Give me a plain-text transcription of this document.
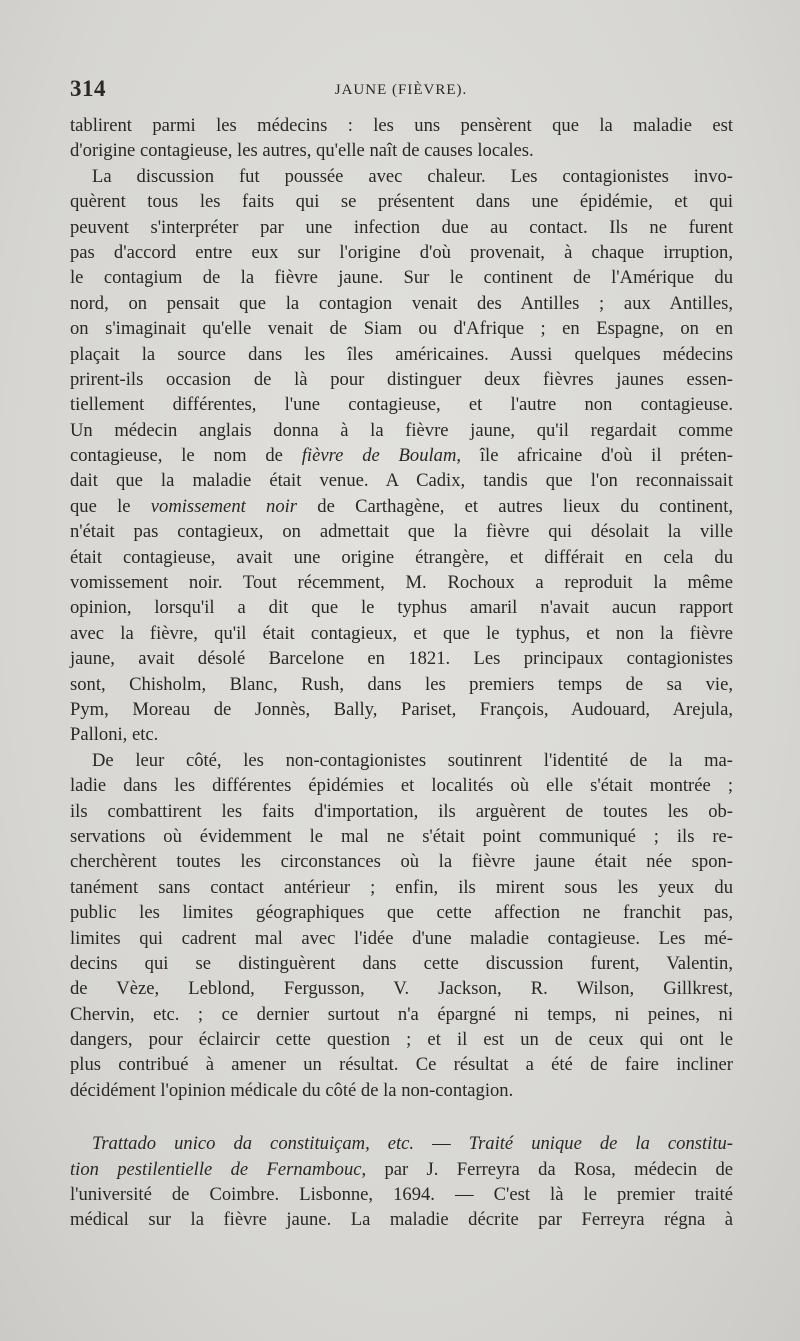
314	JAUNE (FIÈVRE).
tablirent parmi les médecins : les uns pensèrent que la maladie est
d'origine contagieuse, les autres, qu'elle naît de causes locales.
La discussion fut poussée avec chaleur. Les contagionistes invo-
quèrent tous les faits qui se présentent dans une épidémie, et qui
peuvent s'interpréter par une infection due au contact. Ils ne furent
pas d'accord entre eux sur l'origine d'où provenait, à chaque irruption,
le contagium de la fièvre jaune. Sur le continent de l'Amérique du
nord, on pensait que la contagion venait des Antilles ; aux Antilles,
on s'imaginait qu'elle venait de Siam ou d'Afrique ; en Espagne, on en
plaçait la source dans les îles américaines. Aussi quelques médecins
prirent-ils occasion de là pour distinguer deux fièvres jaunes essen-
tiellement différentes, l'une contagieuse, et l'autre non contagieuse.
Un médecin anglais donna à la fièvre jaune, qu'il regardait comme
contagieuse, le nom de fièvre de Boulam, île africaine d'où il préten-
dait que la maladie était venue. A Cadix, tandis que l'on reconnaissait
que le vomissement noir de Carthagène, et autres lieux du continent,
n'était pas contagieux, on admettait que la fièvre qui désolait la ville
était contagieuse, avait une origine étrangère, et différait en cela du
vomissement noir. Tout récemment, M. Rochoux a reproduit la même
opinion, lorsqu'il a dit que le typhus amaril n'avait aucun rapport
avec la fièvre, qu'il était contagieux, et que le typhus, et non la fièvre
jaune, avait désolé Barcelone en 1821. Les principaux contagionistes
sont, Chisholm, Blanc, Rush, dans les premiers temps de sa vie,
Pym, Moreau de Jonnès, Bally, Pariset, François, Audouard, Arejula,
Palloni, etc.
De leur côté, les non-contagionistes soutinrent l'identité de la ma-
ladie dans les différentes épidémies et localités où elle s'était montrée ;
ils combattirent les faits d'importation, ils arguèrent de toutes les ob-
servations où évidemment le mal ne s'était point communiqué ; ils re-
cherchèrent toutes les circonstances où la fièvre jaune était née spon-
tanément sans contact antérieur ; enfin, ils mirent sous les yeux du
public les limites géographiques que cette affection ne franchit pas,
limites qui cadrent mal avec l'idée d'une maladie contagieuse. Les mé-
decins qui se distinguèrent dans cette discussion furent, Valentin,
de Vèze, Leblond, Fergusson, V. Jackson, R. Wilson, Gillkrest,
Chervin, etc. ; ce dernier surtout n'a épargné ni temps, ni peines, ni
dangers, pour éclaircir cette question ; et il est un de ceux qui ont le
plus contribué à amener un résultat. Ce résultat a été de faire incliner
décidément l'opinion médicale du côté de la non-contagion.
Trattado unico da constituiçam, etc. — Traité unique de la constitu-
tion pestilentielle de Fernambouc, par J. Ferreyra da Rosa, médecin de
l'université de Coimbre. Lisbonne, 1694. — C'est là le premier traité
médical sur la fièvre jaune. La maladie décrite par Ferreyra régna à
